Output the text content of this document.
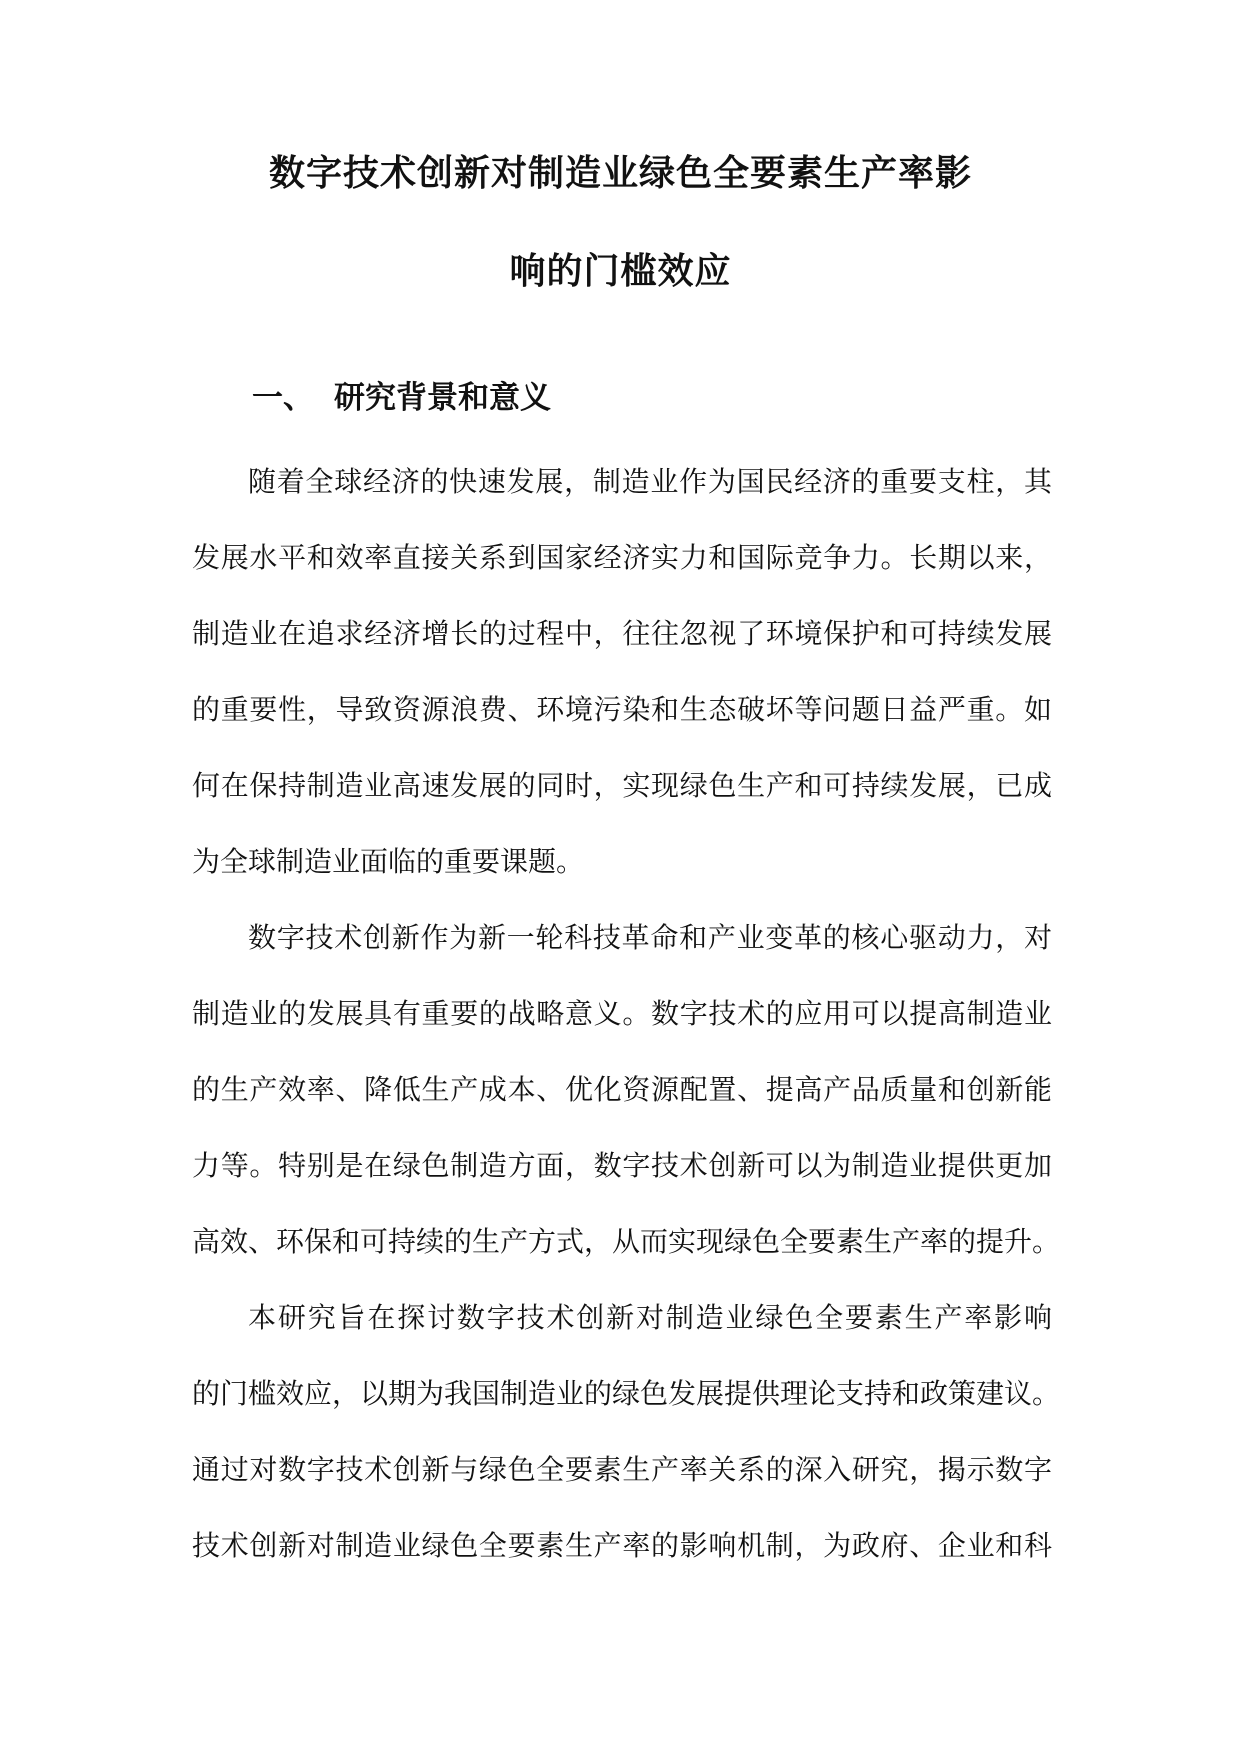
数字技术创新对制造业绿色全要素生产率影
响的门槛效应
一、 研究背景和意义
随着全球经济的快速发展，制造业作为国民经济的重要支柱，其
发展水平和效率直接关系到国家经济实力和国际竞争力。长期以来，
制造业在追求经济增长的过程中，往往忽视了环境保护和可持续发展
的重要性，导致资源浪费、环境污染和生态破坏等问题日益严重。如
何在保持制造业高速发展的同时，实现绿色生产和可持续发展，已成
为全球制造业面临的重要课题。
数字技术创新作为新一轮科技革命和产业变革的核心驱动力，对
制造业的发展具有重要的战略意义。数字技术的应用可以提高制造业
的生产效率、降低生产成本、优化资源配置、提高产品质量和创新能
力等。特别是在绿色制造方面，数字技术创新可以为制造业提供更加
高效、环保和可持续的生产方式，从而实现绿色全要素生产率的提升。
本研究旨在探讨数字技术创新对制造业绿色全要素生产率影响
的门槛效应，以期为我国制造业的绿色发展提供理论支持和政策建议。
通过对数字技术创新与绿色全要素生产率关系的深入研究，揭示数字
技术创新对制造业绿色全要素生产率的影响机制，为政府、企业和科
